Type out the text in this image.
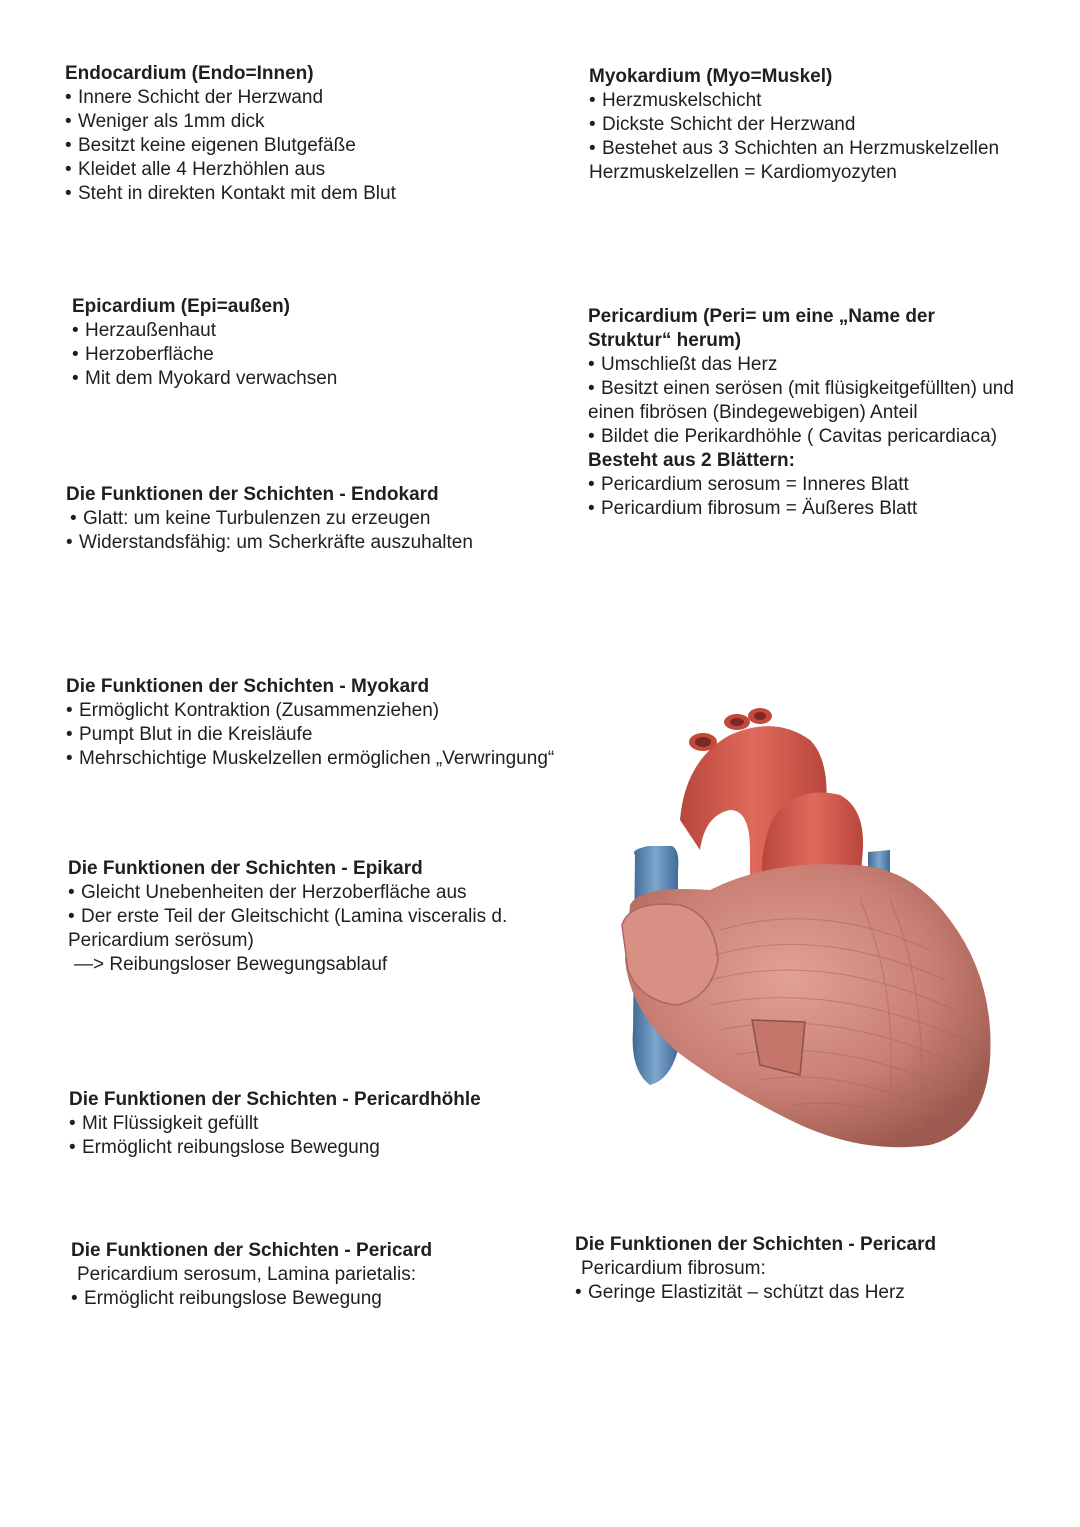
Endocardium (Endo=Innen)
• Innere Schicht der Herzwand
• Weniger als 1mm dick
• Besitzt keine eigenen Blutgefäße
• Kleidet alle 4 Herzhöhlen aus
• Steht in direkten Kontakt mit dem Blut
Epicardium (Epi=außen)
• Herzaußenhaut
• Herzoberfläche
• Mit dem Myokard verwachsen
Die Funktionen der Schichten - Endokard
• Glatt: um keine Turbulenzen zu erzeugen
• Widerstandsfähig: um Scherkräfte auszuhalten
Die Funktionen der Schichten - Myokard
• Ermöglicht Kontraktion (Zusammenziehen)
• Pumpt Blut in die Kreisläufe
• Mehrschichtige Muskelzellen ermöglichen „Verwringung“
Die Funktionen der Schichten - Epikard
• Gleicht Unebenheiten der Herzoberfläche aus
• Der erste Teil der Gleitschicht (Lamina visceralis d.

Pericardium serösum)

—> Reibungsloser Bewegungsablauf

Die Funktionen der Schichten - Pericardhöhle
• Mit Flüssigkeit gefüllt
• Ermöglicht reibungslose Bewegung
Die Funktionen der Schichten - Pericard

Pericardium serosum, Lamina parietalis:

• Ermöglicht reibungslose Bewegung
Myokardium (Myo=Muskel)
• Herzmuskelschicht
• Dickste Schicht der Herzwand
• Bestehet aus 3 Schichten an Herzmuskelzellen

Herzmuskelzellen = Kardiomyozyten

Pericardium (Peri= um eine „Name der
Struktur“ herum)
• Umschließt das Herz
• Besitzt einen serösen (mit flüsigkeitgefüllten) und

einen fibrösen (Bindegewebigen) Anteil

• Bildet die Perikardhöhle ( Cavitas pericardiaca)
Besteht aus 2 Blättern:
• Pericardium serosum = Inneres Blatt
• Pericardium fibrosum = Äußeres Blatt
Die Funktionen der Schichten - Pericard

Pericardium fibrosum:

• Geringe Elastizität – schützt das Herz
